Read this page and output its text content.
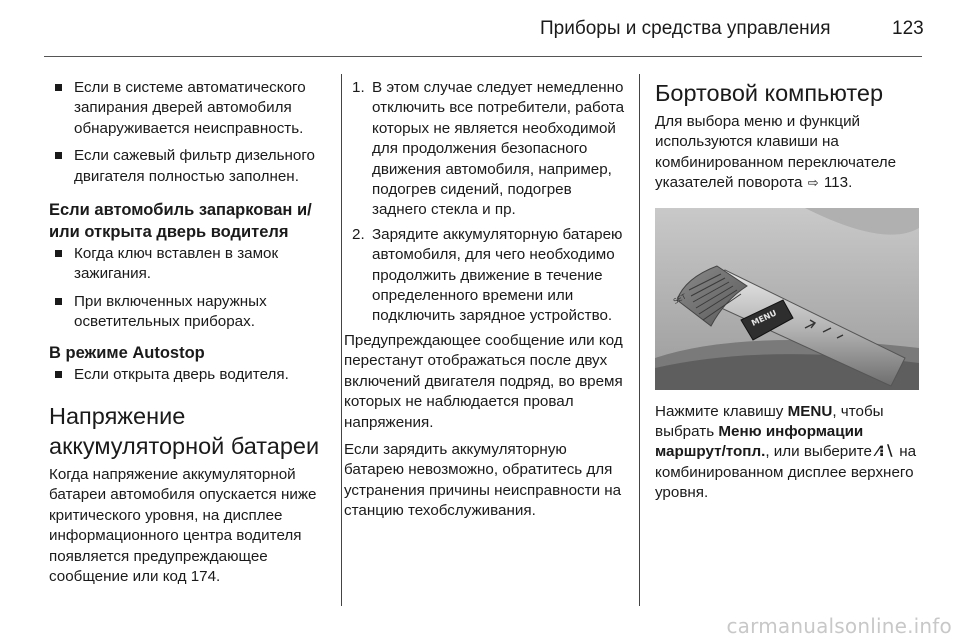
Приборы и средства управления	123
Если в системе автоматического запирания дверей автомобиля обнаруживается неисправность.
Если сажевый фильтр дизельного двигателя полностью заполнен.
Если автомобиль запаркован и/или открыта дверь водителя
Когда ключ вставлен в замок зажигания.
При включенных наружных осветительных приборах.
В режиме Autostop
Если открыта дверь водителя.
Напряжение аккумуляторной батареи
Когда напряжение аккумуляторной батареи автомобиля опускается ниже критического уровня, на дисплее информационного центра водителя появляется предупреждающее сообщение или код 174.
1. В этом случае следует немедленно отключить все потребители, работа которых не является необходимой для продолжения безопасного движения автомобиля, например, подогрев сидений, подогрев заднего стекла и пр.
2. Зарядите аккумуляторную батарею автомобиля, для чего необходимо продолжить движение в течение определенного времени или подключить зарядное устройство.
Предупреждающее сообщение или код перестанут отображаться после двух включений двигателя подряд, во время которых не наблюдается провал напряжения.
Если зарядить аккумуляторную батарею невозможно, обратитесь для устранения причины неисправности на станцию техобслуживания.
Бортовой компьютер
Для выбора меню и функций используются клавиши на комбинированном переключателе указателей поворота ⇨ 113.
SET
MENU
Нажмите клавишу MENU, чтобы выбрать Меню информации маршрут/топл., или выберите ⁄⁝∖ на комбинированном дисплее верхнего уровня.
carmanualsonline.info
